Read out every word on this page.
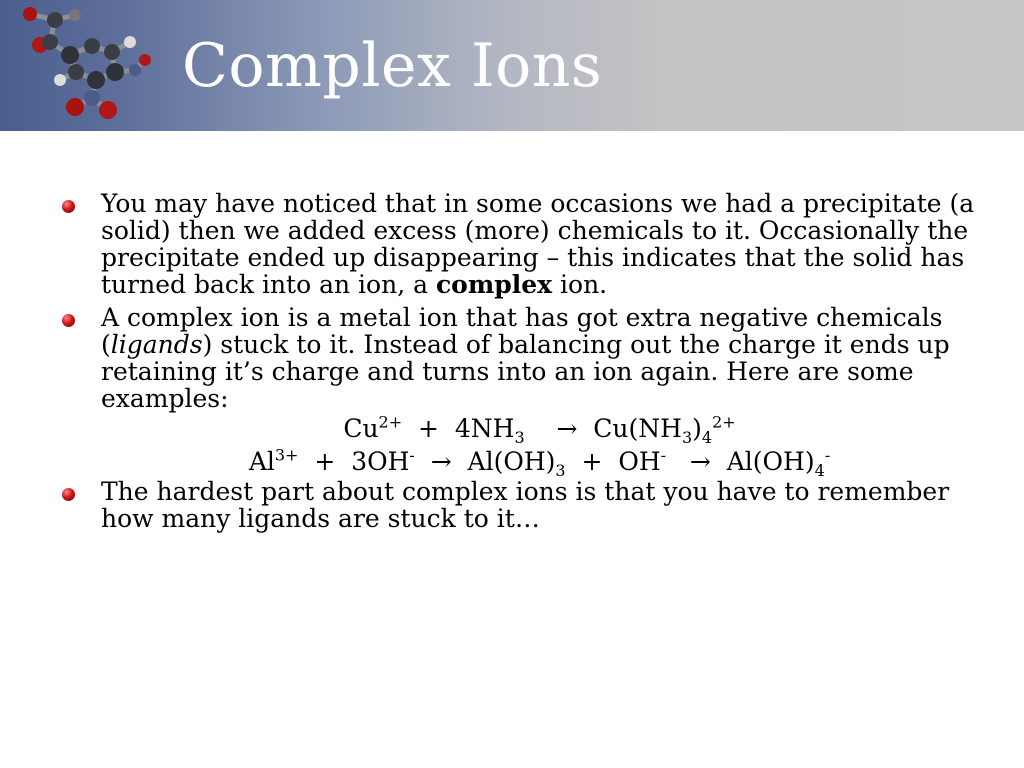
Complex Ions
You may have noticed that in some occasions we had a precipitate (a solid) then we added excess (more) chemicals to it. Occasionally the precipitate ended up disappearing – this indicates that the solid has turned back into an ion, a complex ion.
A complex ion is a metal ion that has got extra negative chemicals (ligands) stuck to it. Instead of balancing out the charge it ends up retaining it’s charge and turns into an ion again. Here are some examples:
$Cu^{2+} + 4NH_3$    →  $Cu(NH_3)_4^{2+}$
$Al^{3+} + 3OH^- \to Al(OH)_3 + OH^- \to Al(OH)_4^-$
The hardest part about complex ions is that you have to remember how many ligands are stuck to it…
